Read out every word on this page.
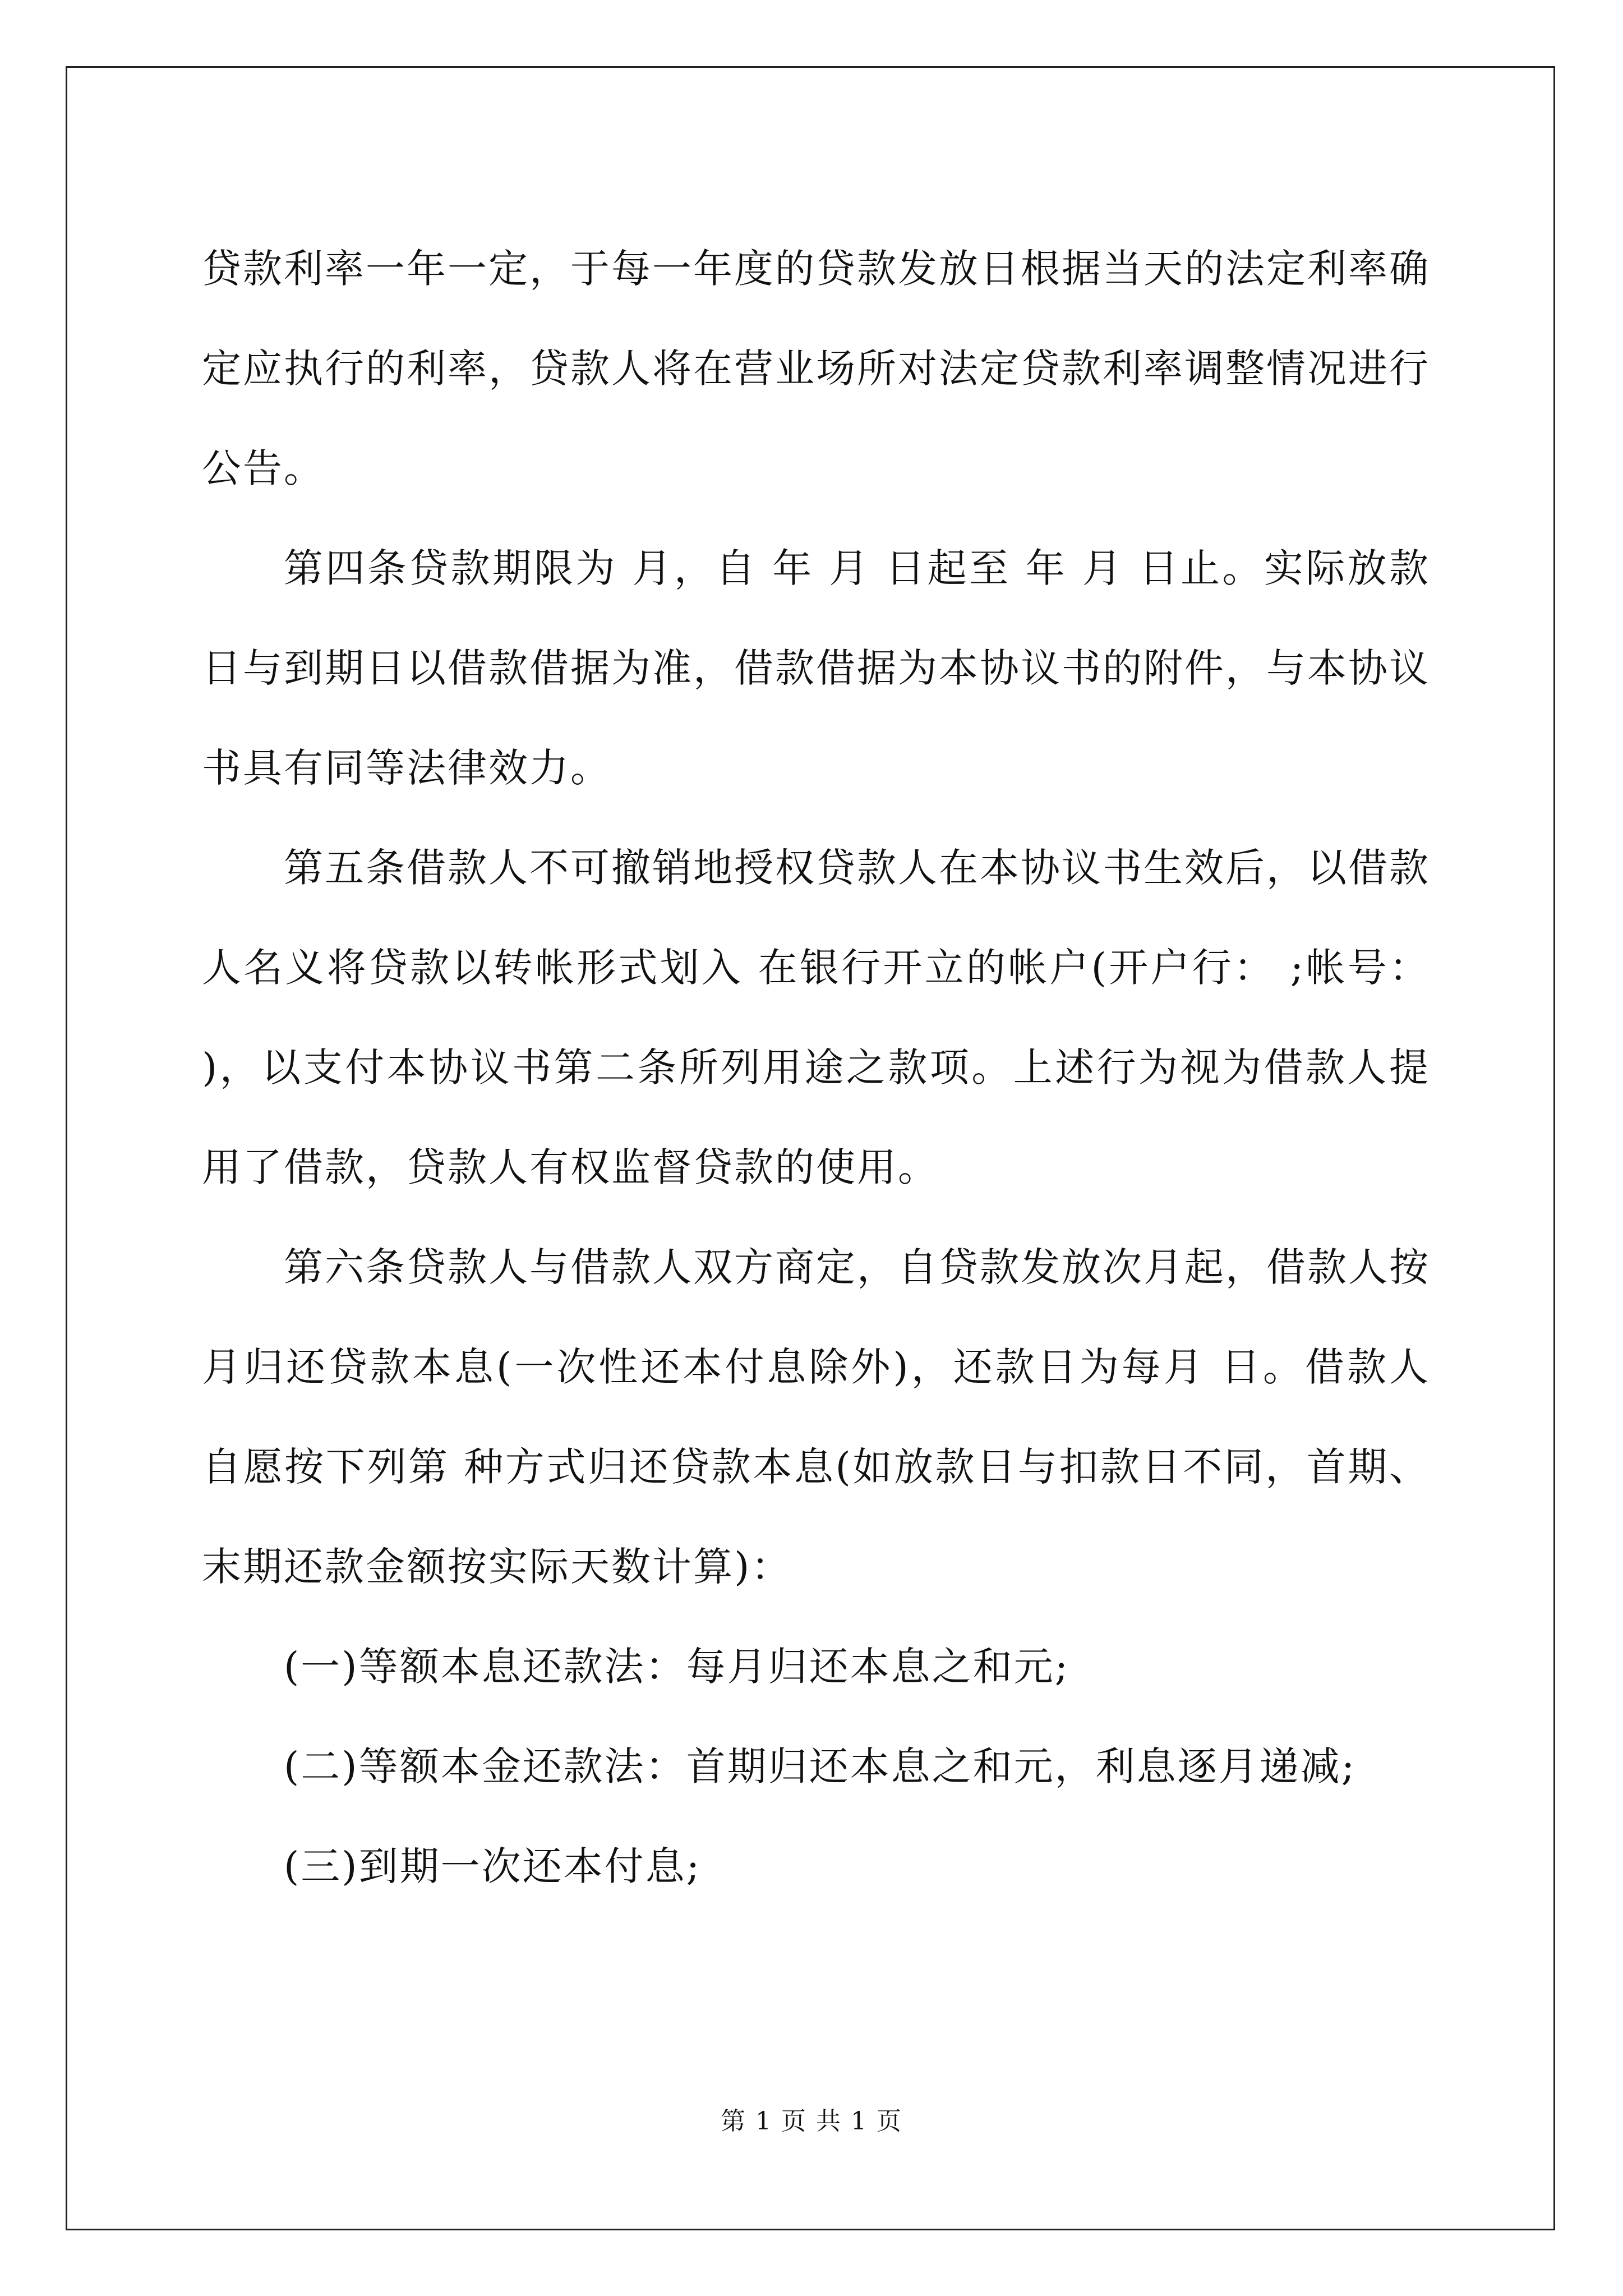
贷款利率一年一定，于每一年度的贷款发放日根据当天的法定利率确定应执行的利率，贷款人将在营业场所对法定贷款利率调整情况进行公告。

第四条贷款期限为 月，自 年 月 日起至 年 月 日止。实际放款日与到期日以借款借据为准，借款借据为本协议书的附件，与本协议书具有同等法律效力。

第五条借款人不可撤销地授权贷款人在本协议书生效后，以借款人名义将贷款以转帐形式划入 在银行开立的帐户(开户行： ;帐号： )，以支付本协议书第二条所列用途之款项。上述行为视为借款人提用了借款，贷款人有权监督贷款的使用。

第六条贷款人与借款人双方商定，自贷款发放次月起，借款人按月归还贷款本息(一次性还本付息除外)，还款日为每月 日。借款人自愿按下列第 种方式归还贷款本息(如放款日与扣款日不同，首期、末期还款金额按实际天数计算)：

(一)等额本息还款法：每月归还本息之和元;

(二)等额本金还款法：首期归还本息之和元，利息逐月递减;

(三)到期一次还本付息;

第 1 页 共 1 页
